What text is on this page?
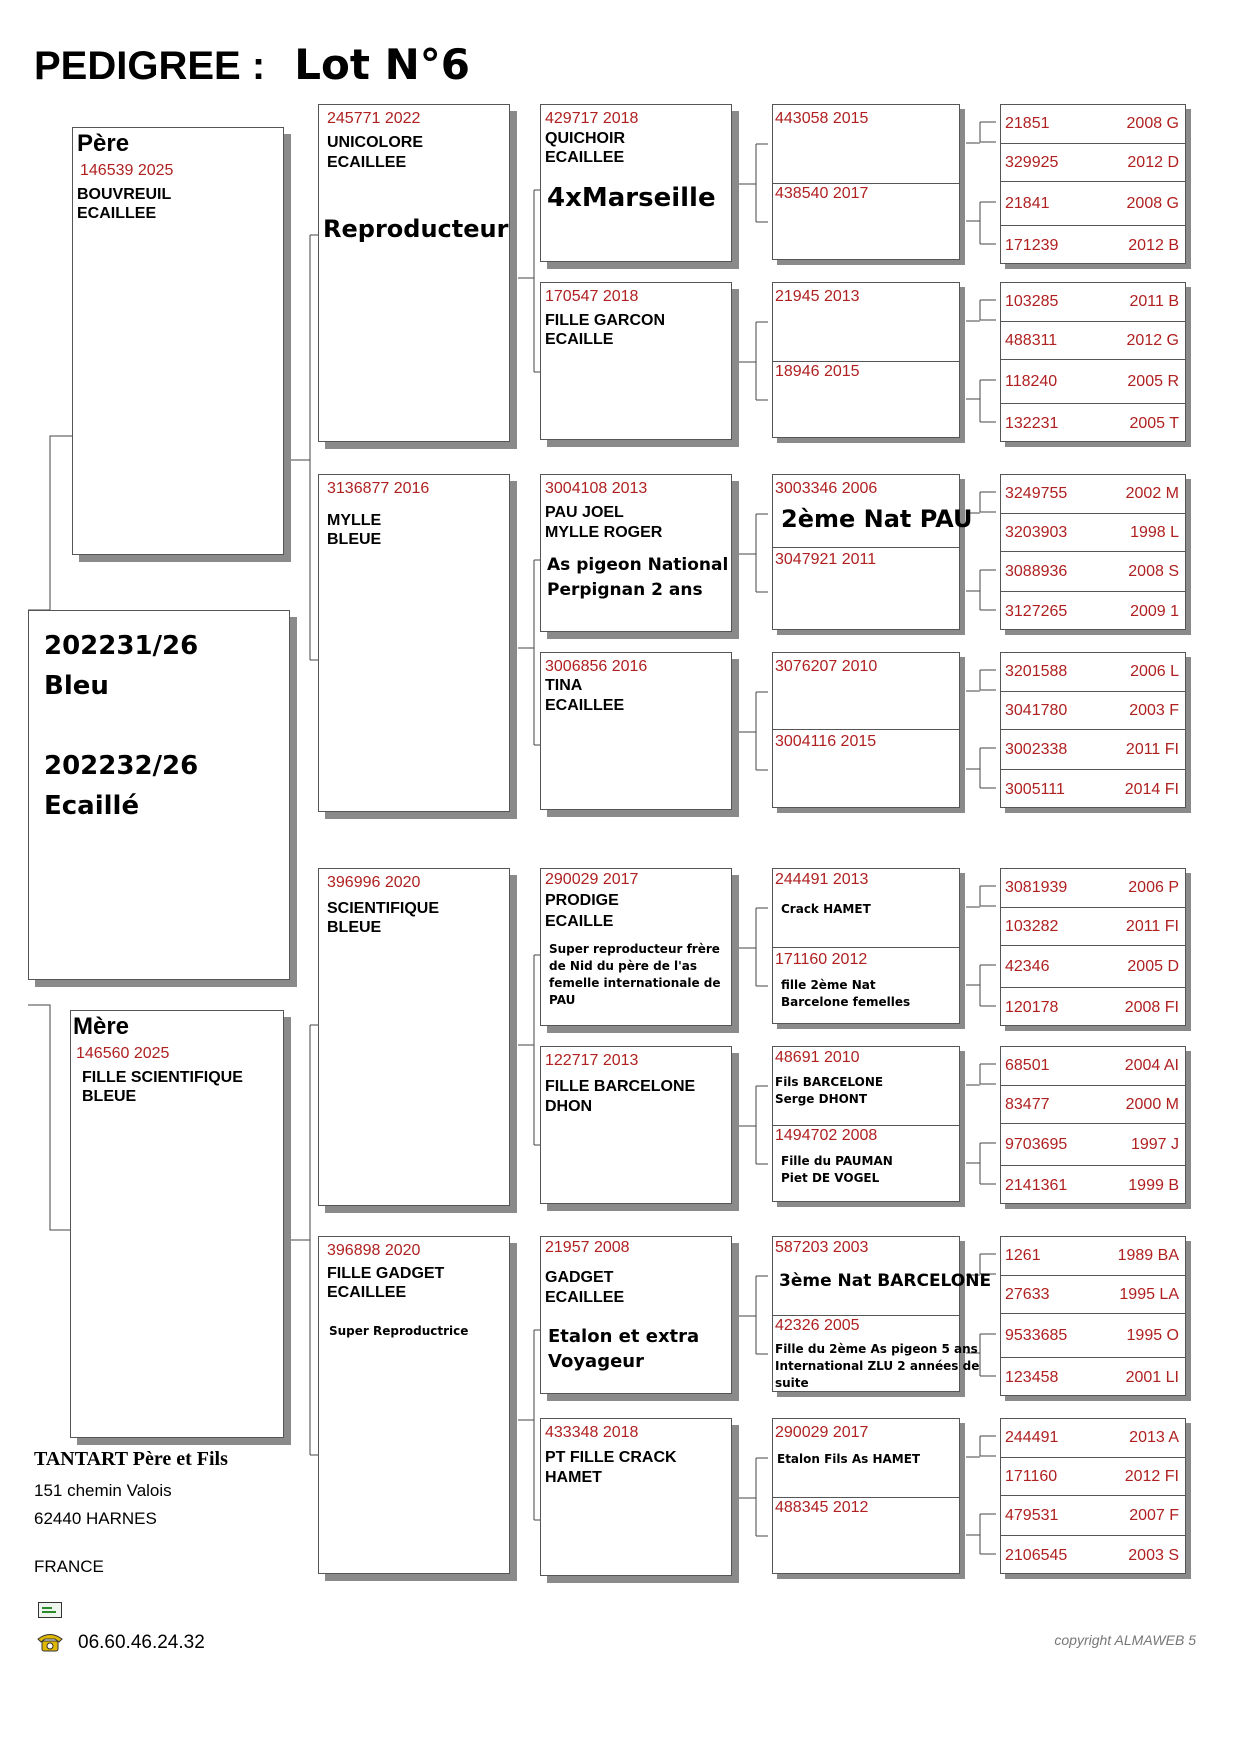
PEDIGREE : Lot N°6
Père
146539 2025
BOUVREUIL
ECAILLEE
202231/26
Bleu
202232/26
Ecaillé
Mère
146560 2025
FILLE SCIENTIFIQUE
BLEUE
245771 2022
UNICOLORE
ECAILLEE
Reproducteur
3136877 2016
MYLLE
BLEUE
396996 2020
SCIENTIFIQUE
BLEUE
396898 2020
FILLE GADGET
ECAILLEE
Super Reproductrice
429717 2018
QUICHOIR
ECAILLEE
4xMarseille
170547 2018
FILLE GARCON
ECAILLE
3004108 2013
PAU JOEL
MYLLE ROGER
As pigeon National
Perpignan 2 ans
3006856 2016
TINA
ECAILLEE
290029 2017
PRODIGE
ECAILLE
Super reproducteur frère
de Nid du père de l'as
femelle internationale de
PAU
122717 2013
FILLE BARCELONE
DHON
21957 2008
GADGET
ECAILLEE
Etalon et extra
Voyageur
433348 2018
PT FILLE CRACK
HAMET
443058 2015
438540 2017
21945 2013
18946 2015
3003346 2006
2ème Nat PAU
3047921 2011
3076207 2010
3004116 2015
244491 2013
Crack HAMET
171160 2012
fille 2ème Nat
Barcelone femelles
48691 2010
Fils BARCELONE
Serge DHONT
1494702 2008
Fille du PAUMAN
Piet DE VOGEL
587203 2003
3ème Nat BARCELONE
42326 2005
Fille du 2ème As pigeon 5 ans
International ZLU 2 années de
suite
290029 2017
Etalon Fils As HAMET
488345 2012
21851	2008 G
329925	2012 D
21841	2008 G
171239	2012 B
103285	2011 B
488311	2012 G
118240	2005 R
132231	2005 T
3249755	2002 M
3203903	1998 L
3088936	2008 S
3127265	2009 1
3201588	2006 L
3041780	2003 F
3002338	2011 FI
3005111	2014 FI
3081939	2006 P
103282	2011 FI
42346	2005 D
120178	2008 FI
68501	2004 AI
83477	2000 M
9703695	1997 J
2141361	1999 B
1261	1989 BA
27633	1995 LA
9533685	1995 O
123458	2001 LI
244491	2013 A
171160	2012 FI
479531	2007 F
2106545	2003 S
TANTART Père et Fils
151 chemin Valois
62440 HARNES
FRANCE
06.60.46.24.32	copyright ALMAWEB 5
